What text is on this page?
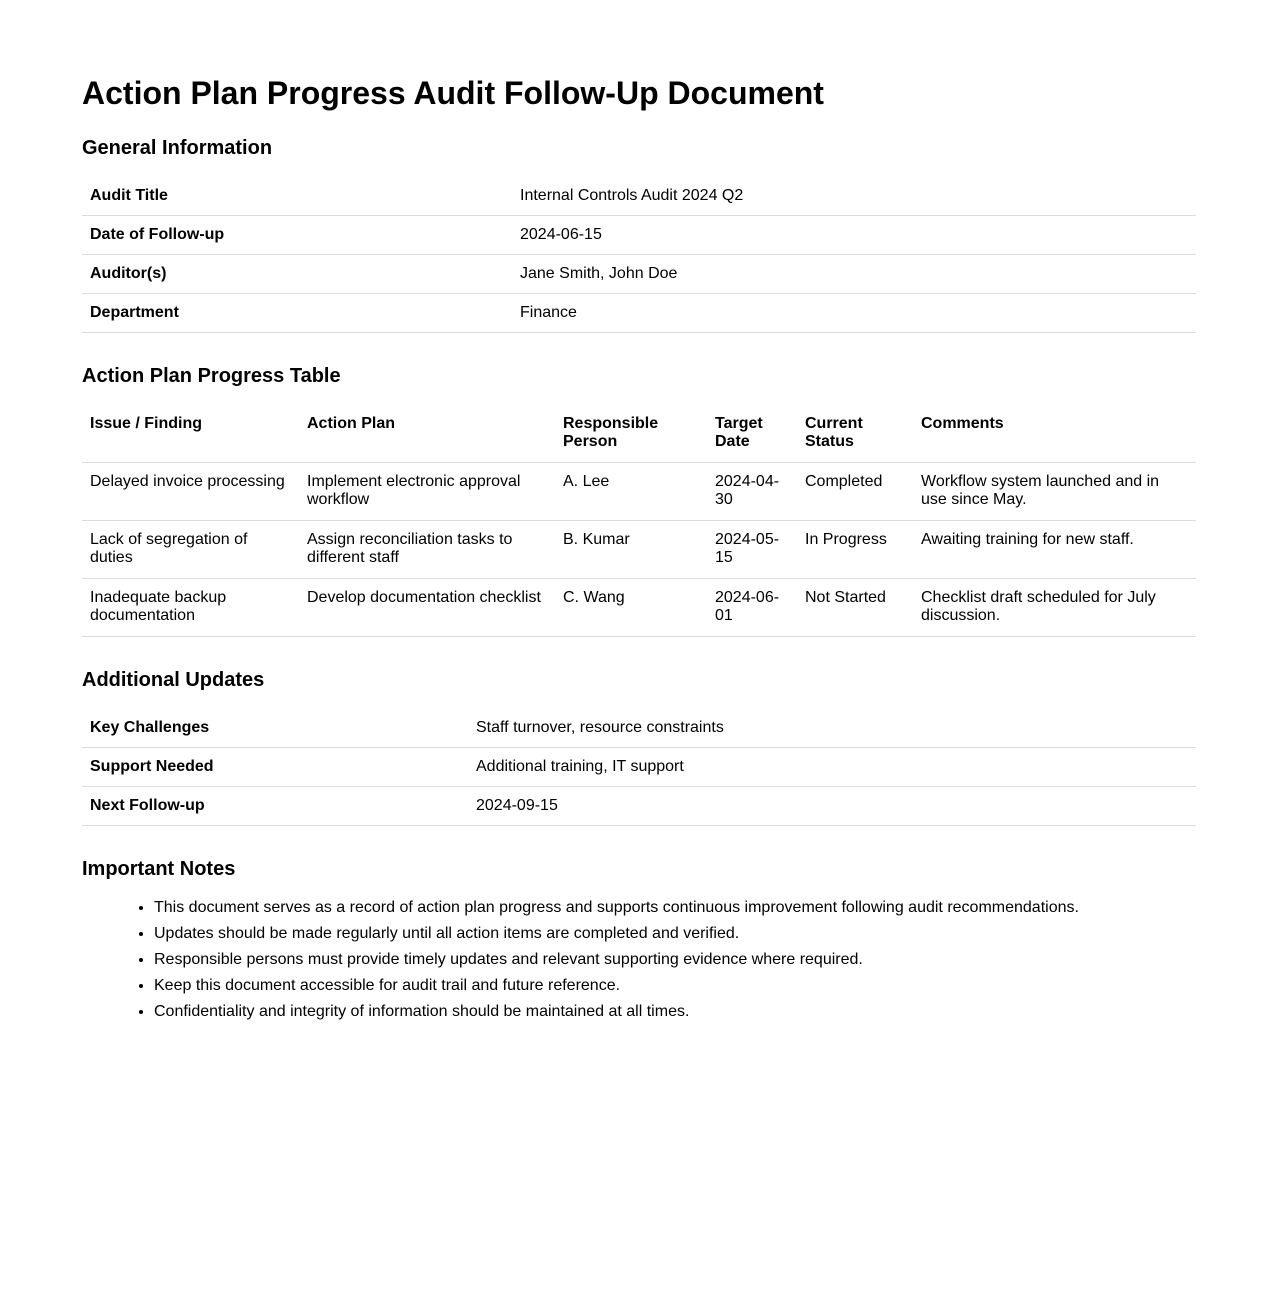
Action Plan Progress Audit Follow-Up Document
General Information
Audit Title	Internal Controls Audit 2024 Q2
Date of Follow-up	2024-06-15
Auditor(s)	Jane Smith, John Doe
Department	Finance
Action Plan Progress Table
Issue / Finding	Action Plan	Responsible Person	Target Date	Current Status	Comments
Delayed invoice processing	Implement electronic approval workflow	A. Lee	2024-04-30	Completed	Workflow system launched and in use since May.
Lack of segregation of duties	Assign reconciliation tasks to different staff	B. Kumar	2024-05-15	In Progress	Awaiting training for new staff.
Inadequate backup documentation	Develop documentation checklist	C. Wang	2024-06-01	Not Started	Checklist draft scheduled for July discussion.
Additional Updates
Key Challenges	Staff turnover, resource constraints
Support Needed	Additional training, IT support
Next Follow-up	2024-09-15
Important Notes
• This document serves as a record of action plan progress and supports continuous improvement following audit recommendations.
• Updates should be made regularly until all action items are completed and verified.
• Responsible persons must provide timely updates and relevant supporting evidence where required.
• Keep this document accessible for audit trail and future reference.
• Confidentiality and integrity of information should be maintained at all times.
